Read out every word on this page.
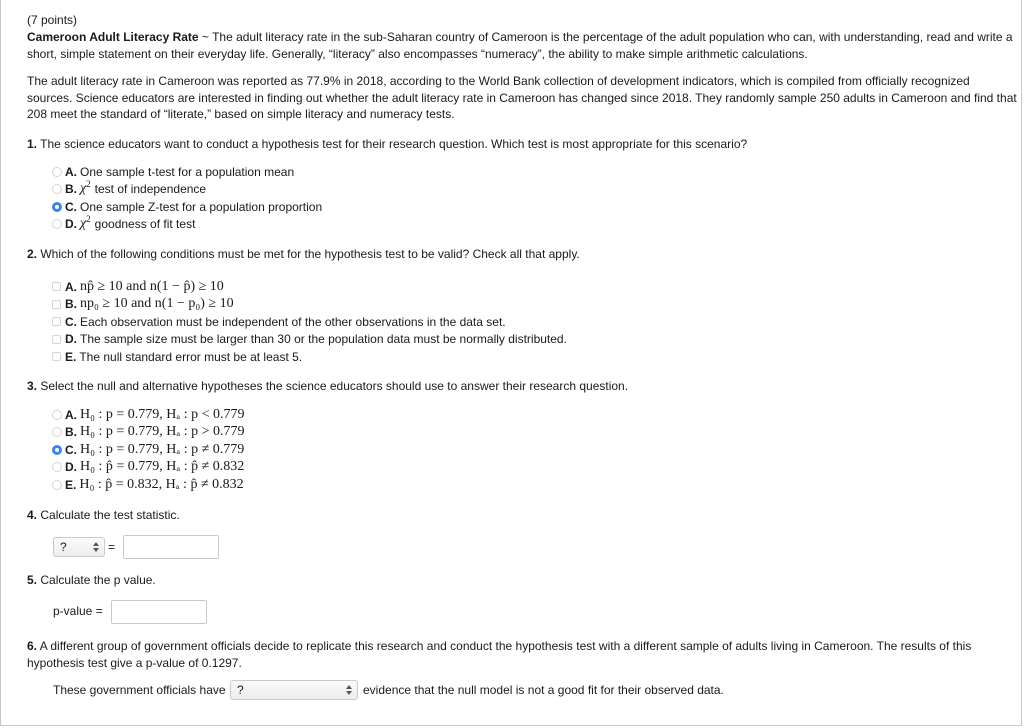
(7 points)

Cameroon Adult Literacy Rate ~ The adult literacy rate in the sub-Saharan country of Cameroon is the percentage of the adult population who can, with understanding, read and write a short, simple statement on their everyday life. Generally, “literacy” also encompasses “numeracy”, the ability to make simple arithmetic calculations.

The adult literacy rate in Cameroon was reported as 77.9% in 2018, according to the World Bank collection of development indicators, which is compiled from officially recognized sources. Science educators are interested in finding out whether the adult literacy rate in Cameroon has changed since 2018. They randomly sample 250 adults in Cameroon and find that 208 meet the standard of “literate,” based on simple literacy and numeracy tests.

1. The science educators want to conduct a hypothesis test for their research question. Which test is most appropriate for this scenario?

A. One sample t-test for a population mean
B. $\chi^2$ test of independence
C. One sample Z-test for a population proportion
D. $\chi^2$ goodness of fit test

2. Which of the following conditions must be met for the hypothesis test to be valid? Check all that apply.

A. np̂ ≥ 10 and n(1 − p̂) ≥ 10
B. np₀ ≥ 10 and n(1 − p₀) ≥ 10
C. Each observation must be independent of the other observations in the data set.
D. The sample size must be larger than 30 or the population data must be normally distributed.
E. The null standard error must be at least 5.

3. Select the null and alternative hypotheses the science educators should use to answer their research question.

A. H₀ : p = 0.779, Hₐ : p < 0.779
B. H₀ : p = 0.779, Hₐ : p > 0.779
C. H₀ : p = 0.779, Hₐ : p ≠ 0.779
D. H₀ : p̂ = 0.779, Hₐ : p̂ ≠ 0.832
E. H₀ : p̂ = 0.832, Hₐ : p̂ ≠ 0.832

4. Calculate the test statistic.

?	=

5. Calculate the p value.

p-value =

6. A different group of government officials decide to replicate this research and conduct the hypothesis test with a different sample of adults living in Cameroon. The results of this hypothesis test give a p-value of 0.1297.

These government officials have ?	evidence that the null model is not a good fit for their observed data.
